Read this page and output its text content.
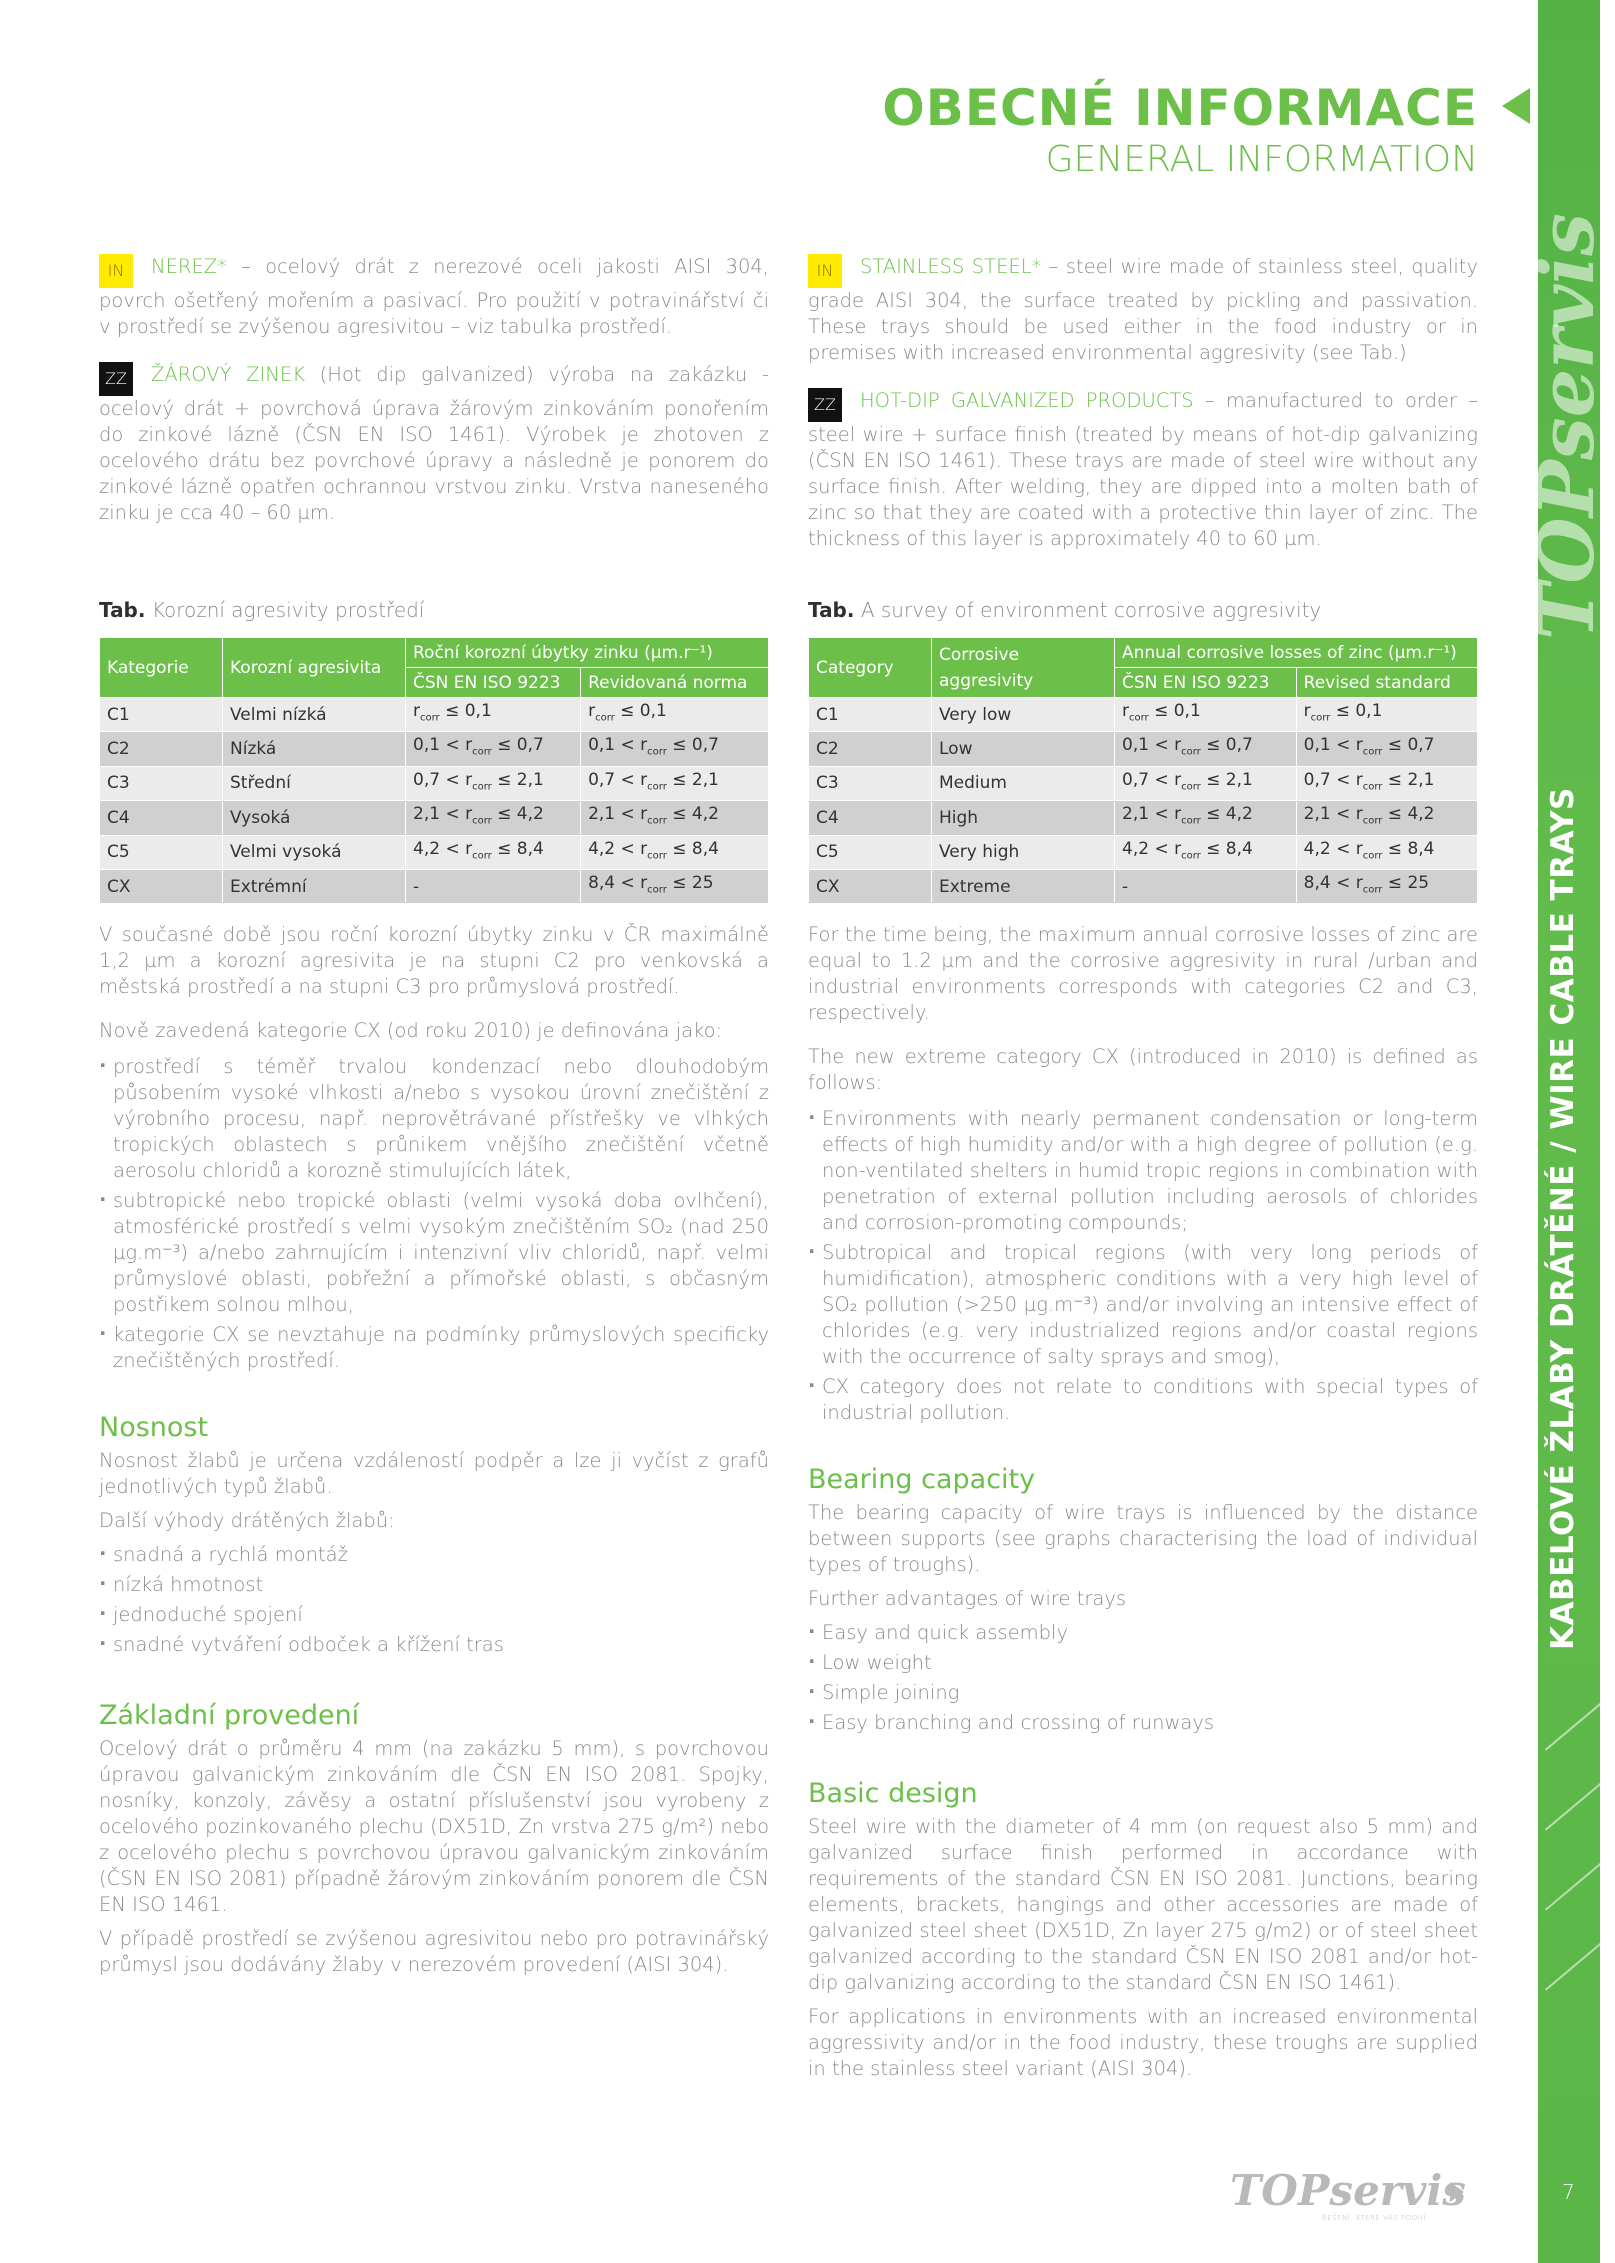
TOPservis
KABELOVÉ ŽLABY DRÁTĚNÉ / WIRE CABLE TRAYS
7
OBECNÉ INFORMACE
GENERAL INFORMATION

IN NEREZ* – ocelový drát z nerezové oceli jakosti AISI 304, povrch ošetřený mořením a pasivací. Pro použití v potravinářství či v prostředí se zvýšenou agresivitou – viz tabulka prostředí.

ZZ ŽÁROVÝ ZINEK (Hot dip galvanized) výroba na zakázku - ocelový drát + povrchová úprava žárovým zinkováním ponořením do zinkové lázně (ČSN EN ISO 1461). Výrobek je zhotoven z ocelového drátu bez povrchové úpravy a následně je ponorem do zinkové lázně opatřen ochrannou vrstvou zinku. Vrstva naneseného zinku je cca 40 – 60 µm.

Tab. Korozní agresivity prostředí
Kategorie	Korozní agresivita	Roční korozní úbytky zinku (µm.r⁻¹)	
		ČSN EN ISO 9223	Revidovaná norma
C1	Velmi nízká	$r_{corr} \le 0,1$	$r_{corr} \le 0,1$
C2	Nízká	$0,1 < r_{corr} \le 0,7$	$0,1 < r_{corr} \le 0,7$
C3	Střední	$0,7 < r_{corr} \le 2,1$	$0,7 < r_{corr} \le 2,1$
C4	Vysoká	$2,1 < r_{corr} \le 4,2$	$2,1 < r_{corr} \le 4,2$
C5	Velmi vysoká	$4,2 < r_{corr} \le 8,4$	$4,2 < r_{corr} \le 8,4$
CX	Extrémní	-	$8,4 < r_{corr} \le 25$

V současné době jsou roční korozní úbytky zinku v ČR maximálně 1,2 µm a korozní agresivita je na stupni C2 pro venkovská a městská prostředí a na stupni C3 pro průmyslová prostředí.

Nově zavedená kategorie CX (od roku 2010) je definována jako:

· prostředí s téměř trvalou kondenzací nebo dlouhodobým působením vysoké vlhkosti a/nebo s vysokou úrovní znečištění z výrobního procesu, např. neprovětrávané přístřešky ve vlhkých tropických oblastech s průnikem vnějšího znečištění včetně aerosolu chloridů a korozně stimulujících látek,
· subtropické nebo tropické oblasti (velmi vysoká doba ovlhčení), atmosférické prostředí s velmi vysokým znečištěním SO₂ (nad 250 µg.m⁻³) a/nebo zahrnujícím i intenzivní vliv chloridů, např. velmi průmyslové oblasti, pobřežní a přímořské oblasti, s občasným postřikem solnou mlhou,
· kategorie CX se nevztahuje na podmínky průmyslových specificky znečištěných prostředí.
Nosnost

Nosnost žlabů je určena vzdáleností podpěr a lze ji vyčíst z grafů jednotlivých typů žlabů.

Další výhody drátěných žlabů:

· snadná a rychlá montáž
· nízká hmotnost
· jednoduché spojení
· snadné vytváření odboček a křížení tras
Základní provedení

Ocelový drát o průměru 4 mm (na zakázku 5 mm), s povrchovou úpravou galvanickým zinkováním dle ČSN EN ISO 2081. Spojky, nosníky, konzoly, závěsy a ostatní příslušenství jsou vyrobeny z ocelového pozinkovaného plechu (DX51D, Zn vrstva 275 g/m²) nebo z ocelového plechu s povrchovou úpravou galvanickým zinkováním (ČSN EN ISO 2081) případně žárovým zinkováním ponorem dle ČSN EN ISO 1461.

V případě prostředí se zvýšenou agresivitou nebo pro potravinářský průmysl jsou dodávány žlaby v nerezovém provedení (AISI 304).

IN STAINLESS STEEL* – steel wire made of stainless steel, quality grade AISI 304, the surface treated by pickling and passivation. These trays should be used either in the food industry or in premises with increased environmental aggresivity (see Tab.)

ZZ HOT-DIP GALVANIZED PRODUCTS – manufactured to order – steel wire + surface finish (treated by means of hot-dip galvanizing (ČSN EN ISO 1461). These trays are made of steel wire without any surface finish. After welding, they are dipped into a molten bath of zinc so that they are coated with a protective thin layer of zinc. The thickness of this layer is approximately 40 to 60 µm.

Tab. A survey of environment corrosive aggresivity
Category	Corrosive aggresivity	Annual corrosive losses of zinc (µm.r⁻¹)	
		ČSN EN ISO 9223	Revised standard
C1	Very low	$r_{corr} \le 0,1$	$r_{corr} \le 0,1$
C2	Low	$0,1 < r_{corr} \le 0,7$	$0,1 < r_{corr} \le 0,7$
C3	Medium	$0,7 < r_{corr} \le 2,1$	$0,7 < r_{corr} \le 2,1$
C4	High	$2,1 < r_{corr} \le 4,2$	$2,1 < r_{corr} \le 4,2$
C5	Very high	$4,2 < r_{corr} \le 8,4$	$4,2 < r_{corr} \le 8,4$
CX	Extreme	-	$8,4 < r_{corr} \le 25$

For the time being, the maximum annual corrosive losses of zinc are equal to 1.2 µm and the corrosive aggresivity in rural /urban and industrial environments corresponds with categories C2 and C3, respectively.

The new extreme category CX (introduced in 2010) is defined as follows:

· Environments with nearly permanent condensation or long-term effects of high humidity and/or with a high degree of pollution (e.g. non-ventilated shelters in humid tropic regions in combination with penetration of external pollution including aerosols of chlorides and corrosion-promoting compounds;
· Subtropical and tropical regions (with very long periods of humidification), atmospheric conditions with a very high level of SO₂ pollution (>250 µg.m⁻³) and/or involving an intensive effect of chlorides (e.g. very industrialized regions and/or coastal regions with the occurrence of salty sprays and smog),
· CX category does not relate to conditions with special types of industrial pollution.
Bearing capacity

The bearing capacity of wire trays is influenced by the distance between supports (see graphs characterising the load of individual types of troughs).

Further advantages of wire trays

· Easy and quick assembly
· Low weight
· Simple joining
· Easy branching and crossing of runways
Basic design

Steel wire with the diameter of 4 mm (on request also 5 mm) and galvanized surface finish performed in accordance with requirements of the standard ČSN EN ISO 2081. Junctions, bearing elements, brackets, hangings and other accessories are made of galvanized steel sheet (DX51D, Zn layer 275 g/m2) or of steel sheet galvanized according to the standard ČSN EN ISO 2081 and/or hot-dip galvanizing according to the standard ČSN EN ISO 1461).

For applications in environments with an increased environmental aggressivity and/or in the food industry, these troughs are supplied in the stainless steel variant (AISI 304).

TOPservis
ŘEŠENÍ, KTERÉ VÁS POOHÍ
